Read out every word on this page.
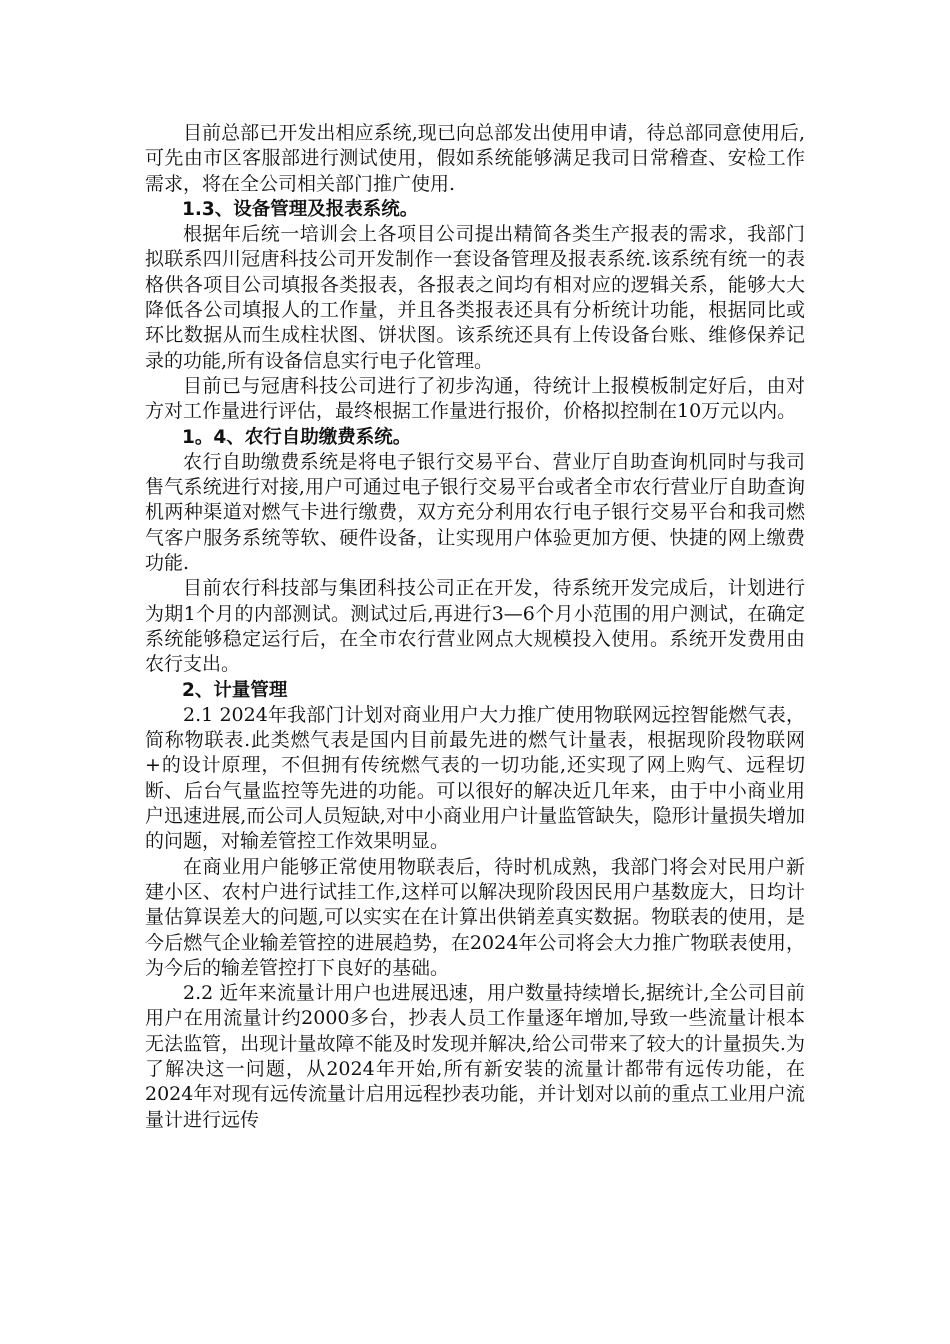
目前总部已开发出相应系统,现已向总部发出使用申请，待总部同意使用后,可先由市区客服部进行测试使用，假如系统能够满足我司日常稽查、安检工作需求，将在全公司相关部门推广使用.

1.3、设备管理及报表系统。

根据年后统一培训会上各项目公司提出精简各类生产报表的需求，我部门拟联系四川冠唐科技公司开发制作一套设备管理及报表系统.该系统有统一的表格供各项目公司填报各类报表，各报表之间均有相对应的逻辑关系，能够大大降低各公司填报人的工作量，并且各类报表还具有分析统计功能，根据同比或环比数据从而生成柱状图、饼状图。该系统还具有上传设备台账、维修保养记录的功能,所有设备信息实行电子化管理。

目前已与冠唐科技公司进行了初步沟通，待统计上报模板制定好后，由对方对工作量进行评估，最终根据工作量进行报价，价格拟控制在10万元以内。

1。4、农行自助缴费系统。

农行自助缴费系统是将电子银行交易平台、营业厅自助查询机同时与我司售气系统进行对接,用户可通过电子银行交易平台或者全市农行营业厅自助查询机两种渠道对燃气卡进行缴费，双方充分利用农行电子银行交易平台和我司燃气客户服务系统等软、硬件设备，让实现用户体验更加方便、快捷的网上缴费功能.

目前农行科技部与集团科技公司正在开发，待系统开发完成后，计划进行为期1个月的内部测试。测试过后,再进行3—6个月小范围的用户测试，在确定系统能够稳定运行后，在全市农行营业网点大规模投入使用。系统开发费用由农行支出。

2、计量管理

2.1 2024年我部门计划对商业用户大力推广使用物联网远控智能燃气表，简称物联表.此类燃气表是国内目前最先进的燃气计量表，根据现阶段物联网+的设计原理，不但拥有传统燃气表的一切功能,还实现了网上购气、远程切断、后台气量监控等先进的功能。可以很好的解决近几年来，由于中小商业用户迅速进展,而公司人员短缺,对中小商业用户计量监管缺失，隐形计量损失增加的问题，对输差管控工作效果明显。

在商业用户能够正常使用物联表后，待时机成熟，我部门将会对民用户新建小区、农村户进行试挂工作,这样可以解决现阶段因民用户基数庞大，日均计量估算误差大的问题,可以实实在在计算出供销差真实数据。物联表的使用，是今后燃气企业输差管控的进展趋势，在2024年公司将会大力推广物联表使用，为今后的输差管控打下良好的基础。

2.2 近年来流量计用户也进展迅速，用户数量持续增长,据统计,全公司目前用户在用流量计约2000多台，抄表人员工作量逐年增加,导致一些流量计根本无法监管，出现计量故障不能及时发现并解决,给公司带来了较大的计量损失.为了解决这一问题，从2024年开始,所有新安装的流量计都带有远传功能，在2024年对现有远传流量计启用远程抄表功能，并计划对以前的重点工业用户流量计进行远传
